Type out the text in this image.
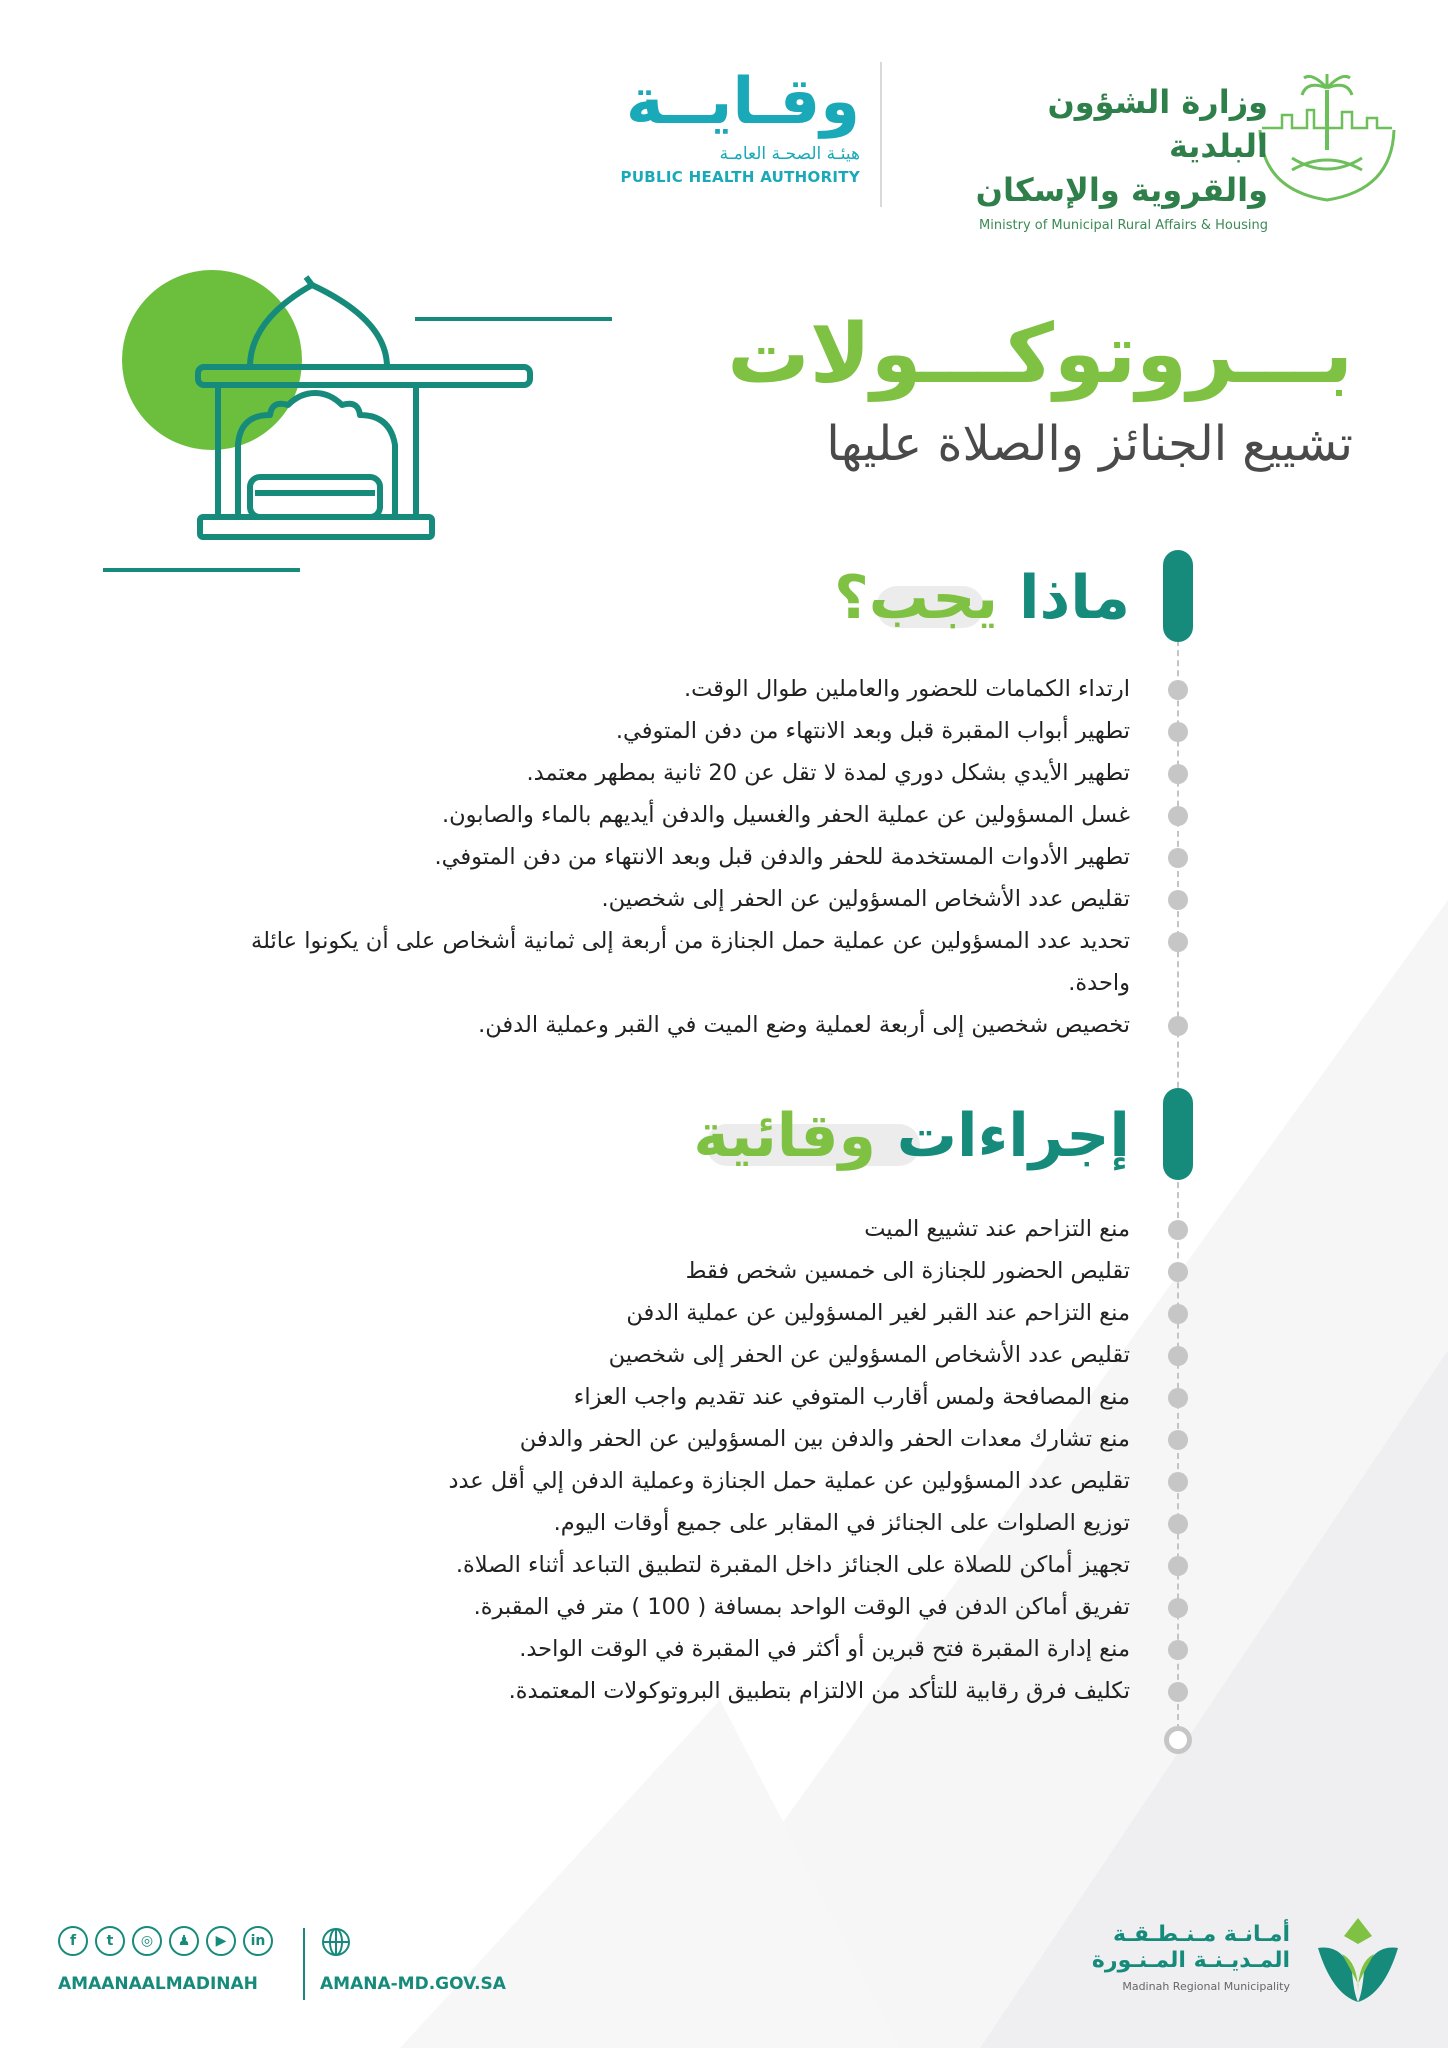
وزارة الشؤون البلدية
والقروية والإسكان
Ministry of Municipal Rural Affairs & Housing
وقـايــة
هيئـة الصحـة العامـة
PUBLIC HEALTH AUTHORITY
بـــروتوكـــولات
تشييع الجنائز والصلاة عليها
ماذا يجب؟
ارتداء الكمامات للحضور والعاملين طوال الوقت.
تطهير أبواب المقبرة قبل وبعد الانتهاء من دفن المتوفي.
تطهير الأيدي بشكل دوري لمدة لا تقل عن 20 ثانية بمطهر معتمد.
غسل المسؤولين عن عملية الحفر والغسيل والدفن أيديهم بالماء والصابون.
تطهير الأدوات المستخدمة للحفر والدفن قبل وبعد الانتهاء من دفن المتوفي.
تقليص عدد الأشخاص المسؤولين عن الحفر إلى شخصين.
تحديد عدد المسؤولين عن عملية حمل الجنازة من أربعة إلى ثمانية أشخاص على أن يكونوا عائلة واحدة.
تخصيص شخصين إلى أربعة لعملية وضع الميت في القبر وعملية الدفن.
إجراءات وقائية
منع التزاحم عند تشييع الميت
تقليص الحضور للجنازة الى خمسين شخص فقط
منع التزاحم عند القبر لغير المسؤولين عن عملية الدفن
تقليص عدد الأشخاص المسؤولين عن الحفر إلى شخصين
منع المصافحة ولمس أقارب المتوفي عند تقديم واجب العزاء
منع تشارك معدات الحفر والدفن بين المسؤولين عن الحفر والدفن
تقليص عدد المسؤولين عن عملية حمل الجنازة وعملية الدفن إلي أقل عدد
توزيع الصلوات على الجنائز في المقابر على جميع أوقات اليوم.
تجهيز أماكن للصلاة على الجنائز داخل المقبرة لتطبيق التباعد أثناء الصلاة.
تفريق أماكن الدفن في الوقت الواحد بمسافة ( 100 ) متر في المقبرة.
منع إدارة المقبرة فتح قبرين أو أكثر في المقبرة في الوقت الواحد.
تكليف فرق رقابية للتأكد من الالتزام بتطبيق البروتوكولات المعتمدة.
f	t	◎	♟	▶	in
AMAANAALMADINAH	AMANA-MD.GOV.SA
أمـانـة مـنـطـقـة
المـديـنـة المـنـورة
Madinah Regional Municipality
